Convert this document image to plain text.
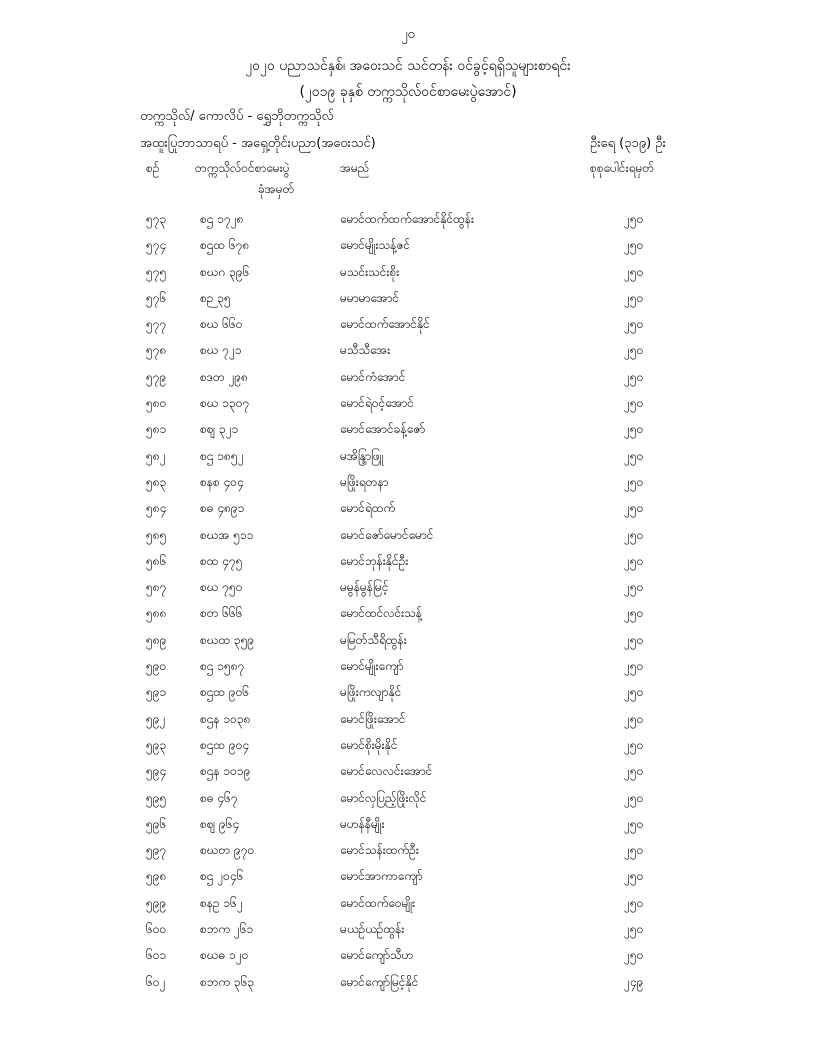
၂၀
၂၀၂၀ ပညာသင်နှစ်၊ အဝေးသင် သင်တန်း ဝင်ခွင့်ရရှိသူများစာရင်း
(၂၀၁၉ ခုနှစ် တက္ကသိုလ်ဝင်စာမေးပွဲအောင်)
တက္ကသိုလ်/ ကောလိပ် - ရွှေဘိုတက္ကသိုလ်
အထူးပြုဘာသာရပ် - အရှေ့တိုင်းပညာ(အဝေးသင်)	ဦးရေ (၃၁၉) ဦး
စဉ်	တက္ကသိုလ်ဝင်စာမေးပွဲ
ခုံအမှတ်
အမည်	စုစုပေါင်းရမှတ်
၅၇၃	စဌ ၁၇၂၈	မောင်ထက်ထက်အောင်နိုင်ထွန်း	၂၅၀
၅၇၄	စဌထ ၆၇၈	မောင်မျိုးသန့်ဇင်	၂၅၀
၅၇၅	စဃဂ ၃၉၆	မသင်းသင်းစိုး	၂၅၀
၅၇၆	စဉ ၃၅	မမာမာအောင်	၂၅၀
၅၇၇	စဃ ၆၆၀	မောင်ထက်အောင်နိုင်	၂၅၀
၅၇၈	စဃ ၇၂၁	မသီသီအေး	၂၅၀
၅၇၉	စဒတ ၂၉၈	မောင်ကံအောင်	၂၅၀
၅၈၀	စဃ ၁၃၀၇	မောင်ရဲဝင့်အောင်	၂၅၀
၅၈၁	စဈ ၃၂၁	မောင်အောင်ခန့်ဇော်	၂၅၀
၅၈၂	စဌ ၁၈၅၂	မအိန္ဒြာဖြူ	၂၅၀
၅၈၃	စနစ ၄၀၄	မဖြိုးရတနာ	၂၅၀
၅၈၄	စဓ ၄၈၉၁	မောင်ရဲထက်	၂၅၀
၅၈၅	စဃအ ၅၁၁	မောင်ဇော်မောင်မောင်	၂၅၀
၅၈၆	စထ ၄၇၅	မောင်ဘုန်းနိုင်ဦး	၂၅၀
၅၈၇	စဃ ၇၅၀	မမွန်မွန်မြင့်	၂၅၀
၅၈၈	စတ ၆၆၆	မောင်ထင်လင်းသန့်	၂၅၀
၅၈၉	စဃထ ၃၅၉	မမြတ်သီရိထွန်း	၂၅၀
၅၉၀	စဌ ၁၅၈၇	မောင်မျိုးကျော်	၂၅၀
၅၉၁	စဌထ ၉၀၆	မဖြိုးကလျာနိုင်	၂၅၀
၅၉၂	စဌန ၁၀၃၈	မောင်ဖြိုးအောင်	၂၅၀
၅၉၃	စဌထ ၉၀၄	မောင်စိုးမိုးနိုင်	၂၅၀
၅၉၄	စဌန ၁၀၁၉	မောင်လေလင်းအောင်	၂၅၀
၅၉၅	စဓ ၄၆၇	မောင်လှပြည့်ဖြိုးလိုင်	၂၅၀
၅၉၆	စဈ ၉၆၄	မဟန်နီမျိုး	၂၅၀
၅၉၇	စဃတ ၉၇၀	မောင်သန်းထက်ဦး	၂၅၀
၅၉၈	စဌ ၂၀၄၆	မောင်အာကာကျော်	၂၅၀
၅၉၉	စနဥ ၁၆၂	မောင်ထက်ဝေမျိုး	၂၅၀
၆၀၀	စဘက ၂၆၁	မယဉ်ယဉ်ထွန်း	၂၅၀
၆၀၁	စဃဓ ၁၂၀	မောင်ကျော်သီဟ	၂၅၀
၆၀၂	စဘက ၃၆၃	မောင်ကျော်မြင့်နိုင်	၂၄၉
